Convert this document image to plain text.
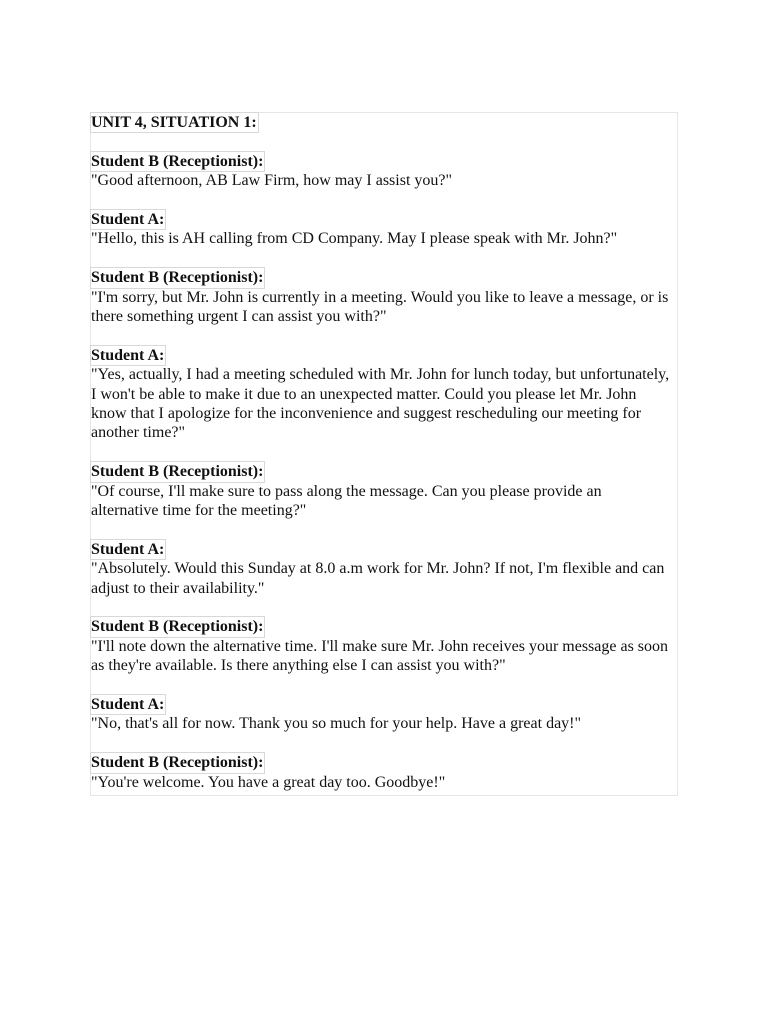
UNIT 4, SITUATION 1:
Student B (Receptionist):
"Good afternoon, AB Law Firm, how may I assist you?"
Student A:
"Hello, this is AH calling from CD Company. May I please speak with Mr. John?"
Student B (Receptionist):
"I'm sorry, but Mr. John is currently in a meeting. Would you like to leave a message, or is there something urgent I can assist you with?"
Student A:
"Yes, actually, I had a meeting scheduled with Mr. John for lunch today, but unfortunately, I won't be able to make it due to an unexpected matter. Could you please let Mr. John know that I apologize for the inconvenience and suggest rescheduling our meeting for another time?"
Student B (Receptionist):
"Of course, I'll make sure to pass along the message. Can you please provide an alternative time for the meeting?"
Student A:
"Absolutely. Would this Sunday at 8.0 a.m work for Mr. John? If not, I'm flexible and can adjust to their availability."
Student B (Receptionist):
"I'll note down the alternative time. I'll make sure Mr. John receives your message as soon as they're available. Is there anything else I can assist you with?"
Student A:
"No, that's all for now. Thank you so much for your help. Have a great day!"
Student B (Receptionist):
"You're welcome. You have a great day too. Goodbye!"
